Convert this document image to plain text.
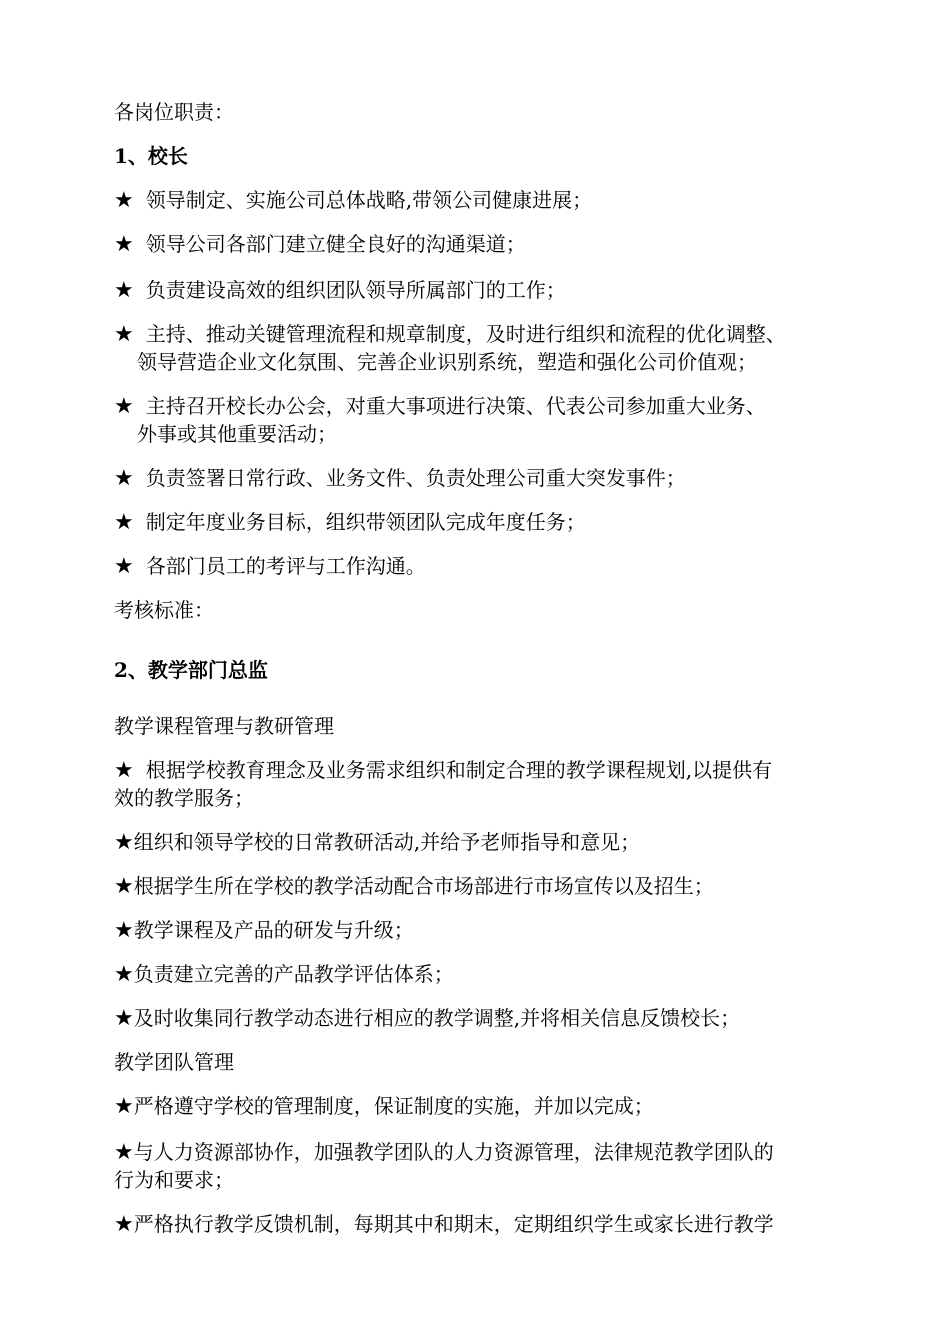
各岗位职责：
1、校长
★ 领导制定、实施公司总体战略,带领公司健康进展；
★ 领导公司各部门建立健全良好的沟通渠道；
★ 负责建设高效的组织团队领导所属部门的工作；
★ 主持、推动关键管理流程和规章制度，及时进行组织和流程的优化调整、
领导营造企业文化氛围、完善企业识别系统，塑造和强化公司价值观；
★ 主持召开校长办公会，对重大事项进行决策、代表公司参加重大业务、
外事或其他重要活动；
★ 负责签署日常行政、业务文件、负责处理公司重大突发事件；
★ 制定年度业务目标，组织带领团队完成年度任务；
★ 各部门员工的考评与工作沟通。
考核标准：
2、教学部门总监
教学课程管理与教研管理
★ 根据学校教育理念及业务需求组织和制定合理的教学课程规划,以提供有
效的教学服务；
★组织和领导学校的日常教研活动,并给予老师指导和意见；
★根据学生所在学校的教学活动配合市场部进行市场宣传以及招生；
★教学课程及产品的研发与升级；
★负责建立完善的产品教学评估体系；
★及时收集同行教学动态进行相应的教学调整,并将相关信息反馈校长；
教学团队管理
★严格遵守学校的管理制度，保证制度的实施，并加以完成；
★与人力资源部协作，加强教学团队的人力资源管理，法律规范教学团队的
行为和要求；
★严格执行教学反馈机制，每期其中和期末，定期组织学生或家长进行教学
